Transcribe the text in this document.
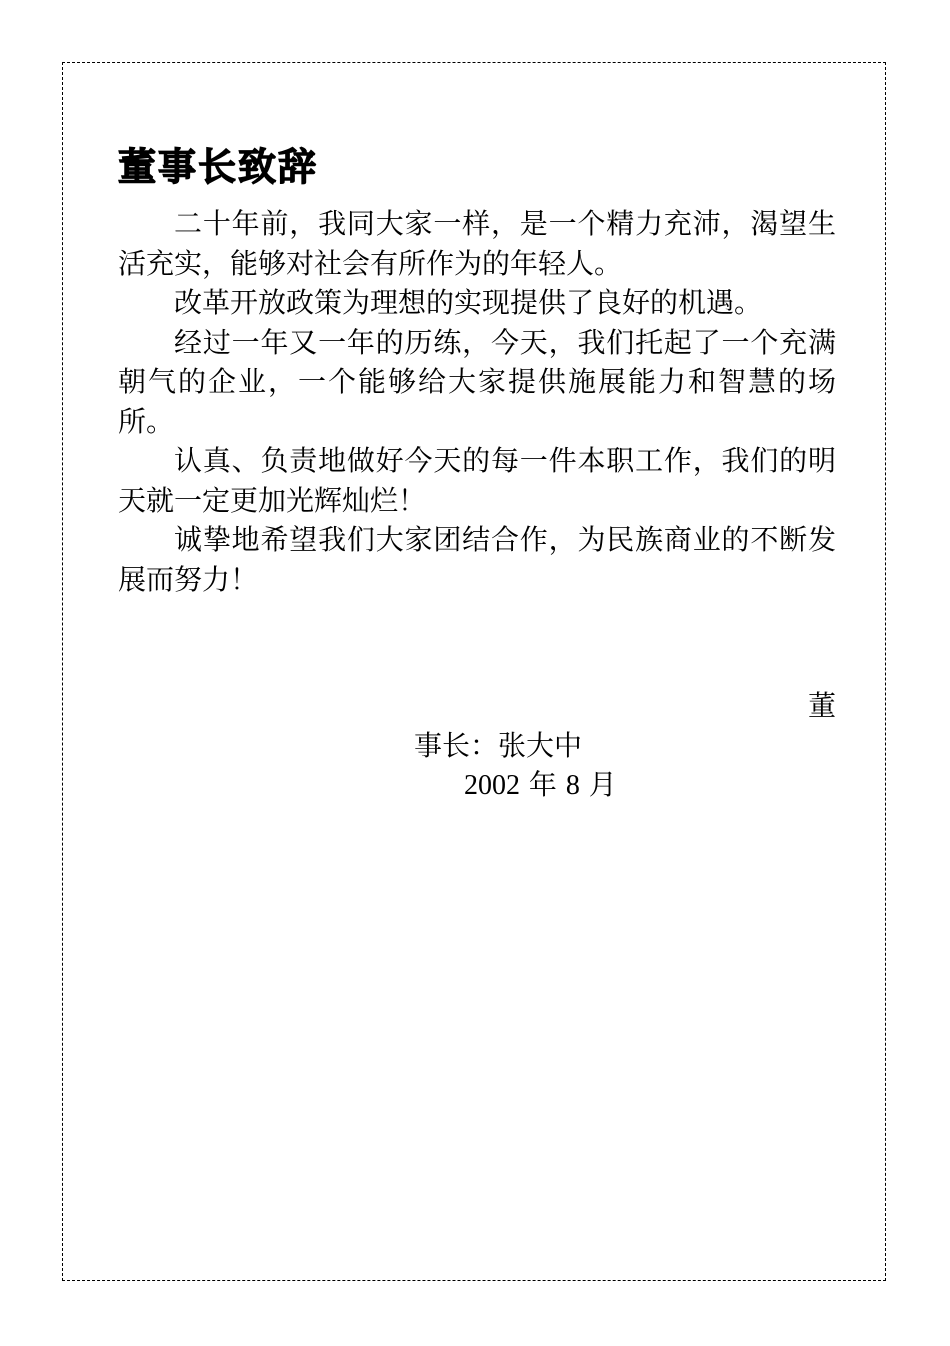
董事长致辞

二十年前，我同大家一样，是一个精力充沛，渴望生活充实，能够对社会有所作为的年轻人。

改革开放政策为理想的实现提供了良好的机遇。

经过一年又一年的历练，今天，我们托起了一个充满朝气的企业，一个能够给大家提供施展能力和智慧的场所。

认真、负责地做好今天的每一件本职工作，我们的明天就一定更加光辉灿烂！

诚挚地希望我们大家团结合作，为民族商业的不断发展而努力！

董
事长：张大中
2002 年 8 月
